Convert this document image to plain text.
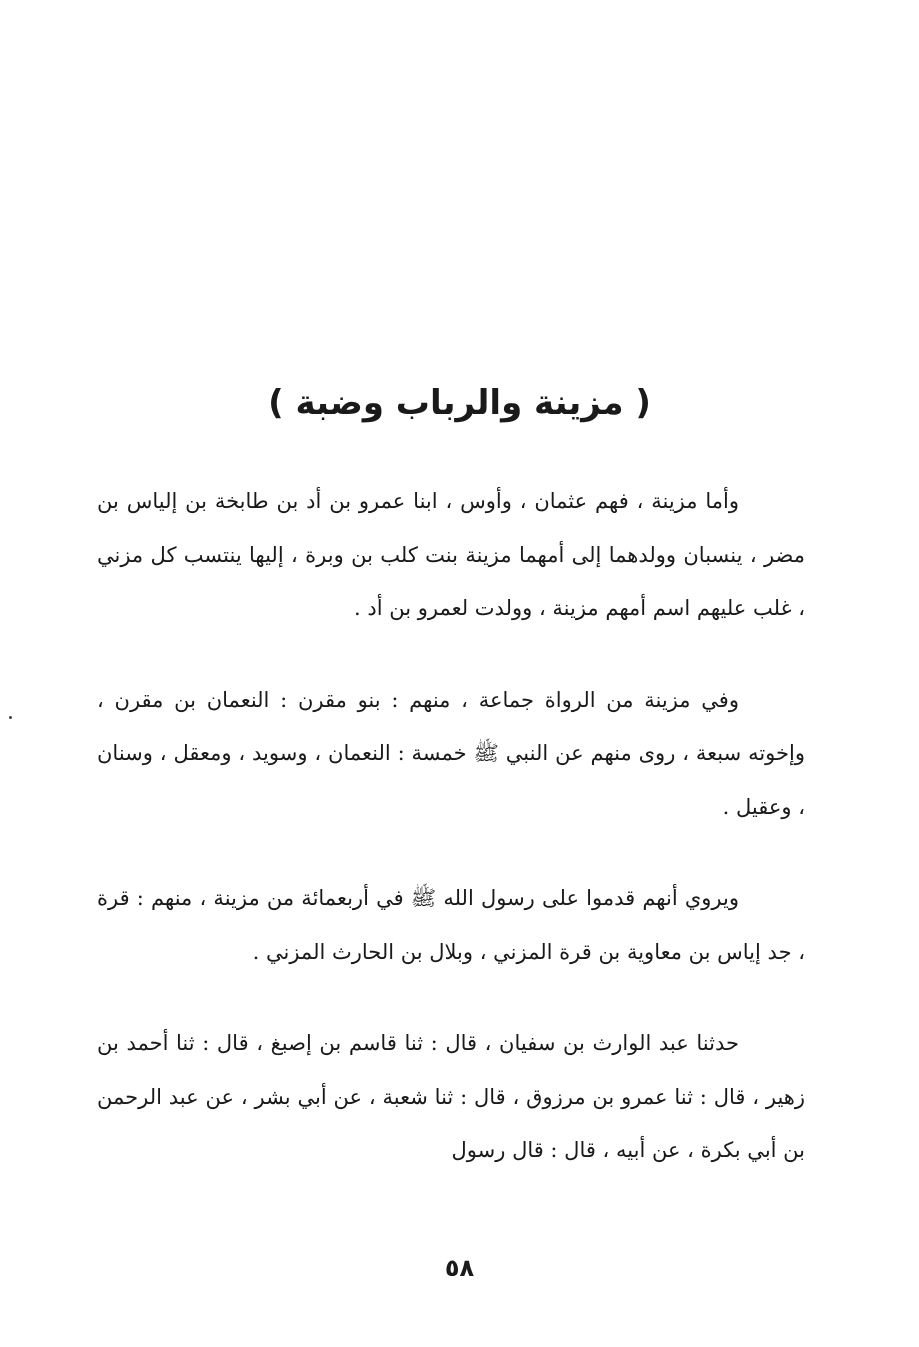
( مزينة والرباب وضبة )

وأما مزينة ، فهم عثمان ، وأوس ، ابنا عمرو بن أد بن طابخة بن إلياس بن مضر ، ينسبان وولدهما إلى أمهما مزينة بنت كلب بن وبرة ، إليها ينتسب كل مزني ، غلب عليهم اسم أمهم مزينة ، وولدت لعمرو بن أد .

وفي مزينة من الرواة جماعة ، منهم : بنو مقرن : النعمان بن مقرن ، وإخوته سبعة ، روى منهم عن النبي ﷺ خمسة : النعمان ، وسويد ، ومعقل ، وسنان ، وعقيل .

ويروي أنهم قدموا على رسول الله ﷺ في أربعمائة من مزينة ، منهم : قرة ، جد إياس بن معاوية بن قرة المزني ، وبلال بن الحارث المزني .

حدثنا عبد الوارث بن سفيان ، قال : ثنا قاسم بن إصبغ ، قال : ثنا أحمد بن زهير ، قال : ثنا عمرو بن مرزوق ، قال : ثنا شعبة ، عن أبي بشر ، عن عبد الرحمن بن أبي بكرة ، عن أبيه ، قال : قال رسول

٥٨
